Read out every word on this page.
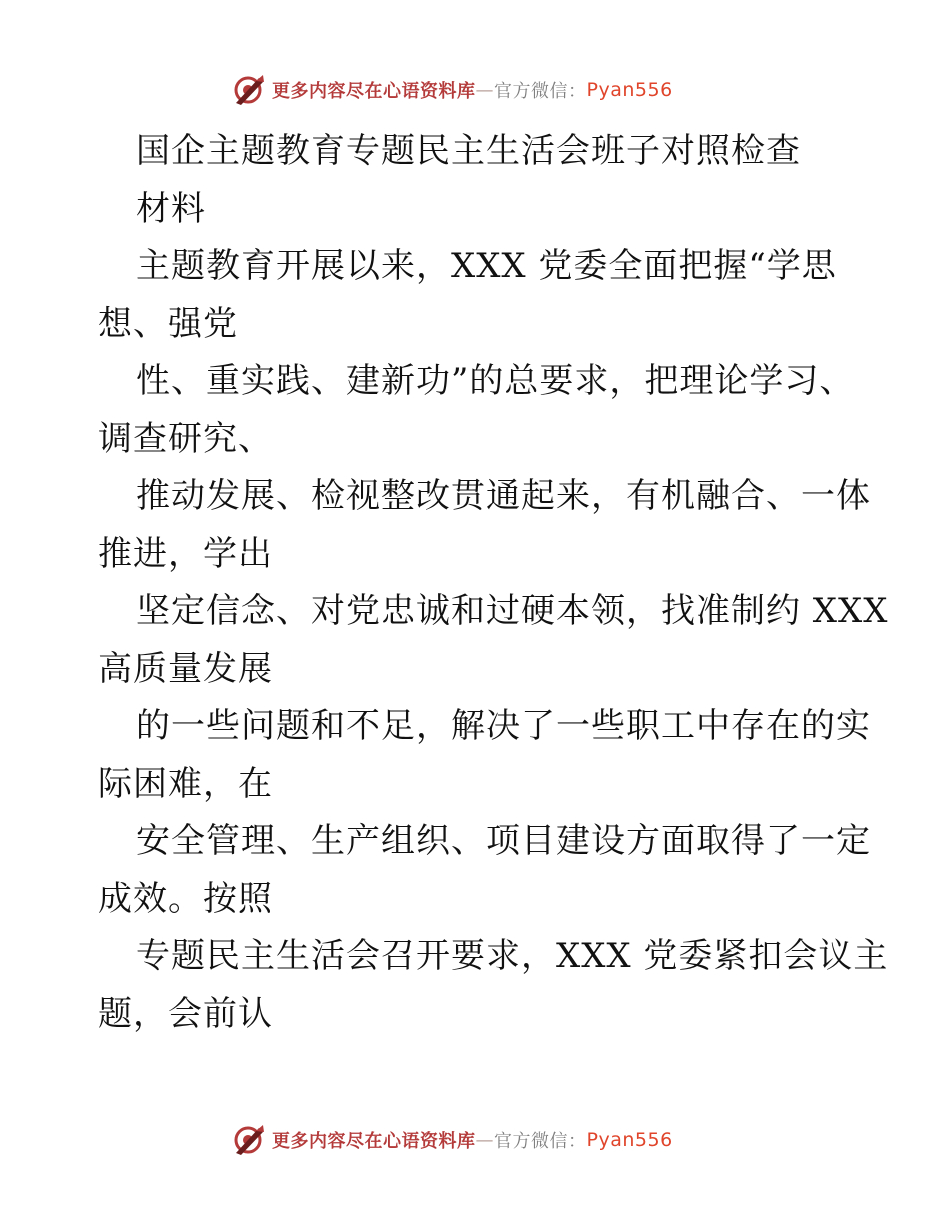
更多内容尽在心语资料库 — 官方微信： Pyan556
国企主题教育专题民主生活会班子对照检查
材料
主题教育开展以来，XXX 党委全面把握“学思
想、强党
性、重实践、建新功”的总要求，把理论学习、
调查研究、
推动发展、检视整改贯通起来，有机融合、一体
推进，学出
坚定信念、对党忠诚和过硬本领，找准制约 XXX
高质量发展
的一些问题和不足，解决了一些职工中存在的实
际困难，在
安全管理、生产组织、项目建设方面取得了一定
成效。按照
专题民主生活会召开要求，XXX 党委紧扣会议主
题，会前认
更多内容尽在心语资料库 — 官方微信： Pyan556
